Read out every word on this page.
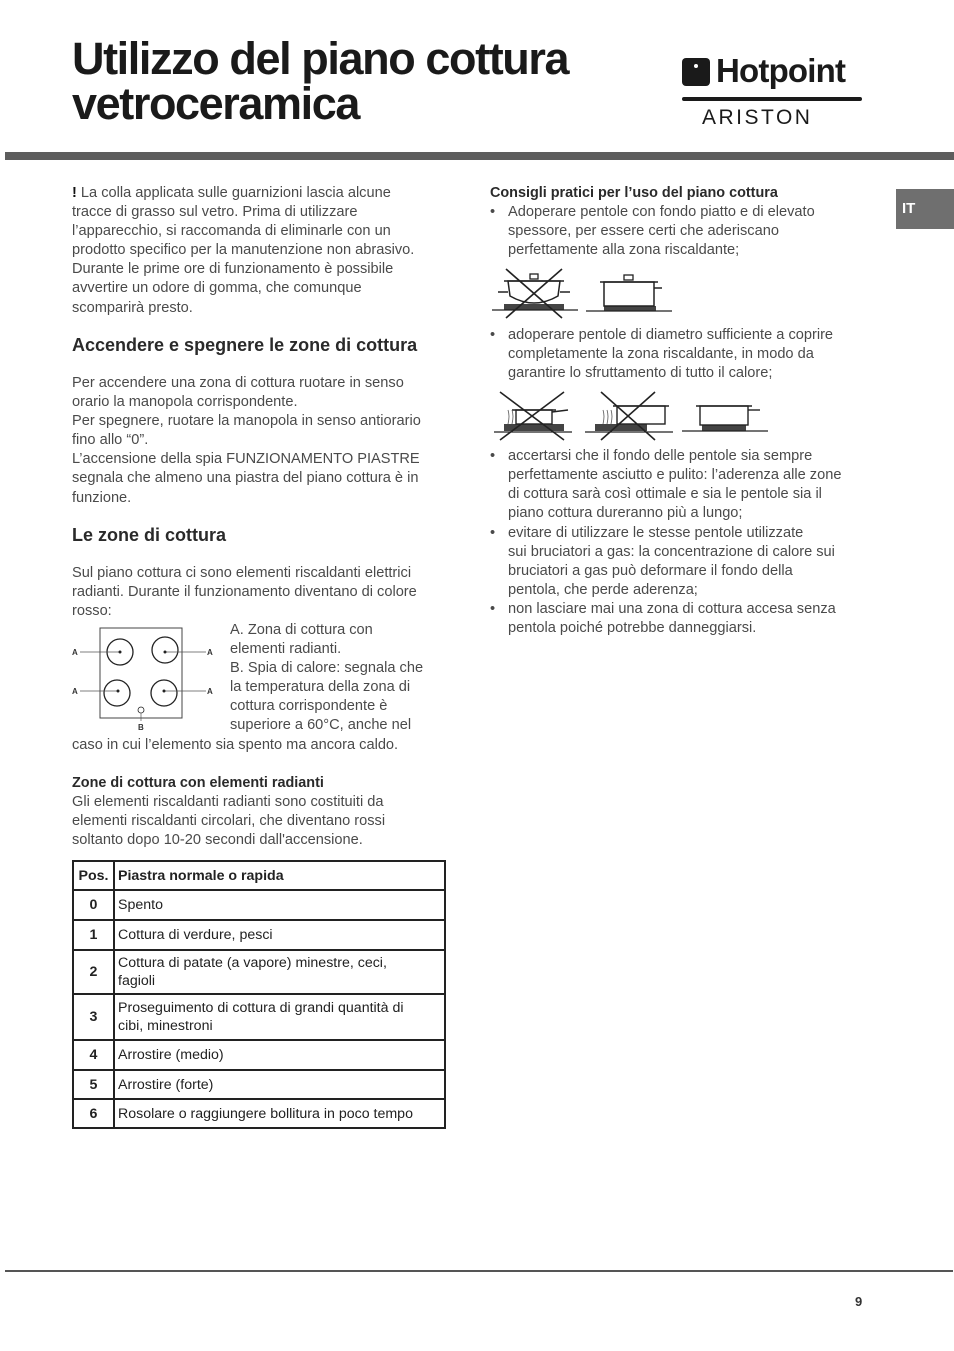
Utilizzo del piano cottura
vetroceramica
Hotpoint
ARISTON
IT

! La colla applicata sulle guarnizioni lascia alcune
tracce di grasso sul vetro. Prima di utilizzare
l’apparecchio, si raccomanda di eliminarle con un
prodotto specifico per la manutenzione non abrasivo.
Durante le prime ore di funzionamento è possibile
avvertire un odore di gomma, che comunque
scomparirà presto.

Accendere e spegnere le zone di cottura

Per accendere una zona di cottura ruotare in senso
orario la manopola corrispondente.
Per spegnere, ruotare la manopola in senso antiorario
fino allo “0”.
L’accensione della spia FUNZIONAMENTO PIASTRE
segnala che almeno una piastra del piano cottura è in
funzione.

Le zone di cottura

Sul piano cottura ci sono elementi riscaldanti elettrici
radianti. Durante il funzionamento diventano di colore
rosso:

A	A
A	A
B

A. Zona di cottura con
elementi radianti.
B. Spia di calore: segnala che
la temperatura della zona di
cottura corrispondente è
superiore a 60°C, anche nel

caso in cui l’elemento sia spento ma ancora caldo.

Zone di cottura con elementi radianti

Gli elementi riscaldanti radianti sono costituiti da
elementi riscaldanti circolari, che diventano rossi
soltanto dopo 10-20 secondi dall'accensione.

Pos.	Piastra normale o rapida
0	Spento
1	Cottura di verdure, pesci
2	Cottura di patate (a vapore) minestre, ceci,
fagioli
3	Proseguimento di cottura di grandi quantità di
cibi, minestroni
4	Arrostire (medio)
5	Arrostire (forte)
6	Rosolare o raggiungere bollitura in poco tempo
Consigli pratici per l’uso del piano cottura

• Adoperare pentole con fondo piatto e di elevato
spessore, per essere certi che aderiscano
perfettamente alla zona riscaldante;

• adoperare pentole di diametro sufficiente a coprire
completamente la zona riscaldante, in modo da
garantire lo sfruttamento di tutto il calore;

• accertarsi che il fondo delle pentole sia sempre
perfettamente asciutto e pulito: l’aderenza alle zone
di cottura sarà così ottimale e sia le pentole sia il
piano cottura dureranno più a lungo;

• evitare di utilizzare le stesse pentole utilizzate
sui bruciatori a gas: la concentrazione di calore sui
bruciatori a gas può deformare il fondo della
pentola, che perde aderenza;

• non lasciare mai una zona di cottura accesa senza
pentola poiché potrebbe danneggiarsi.

9
